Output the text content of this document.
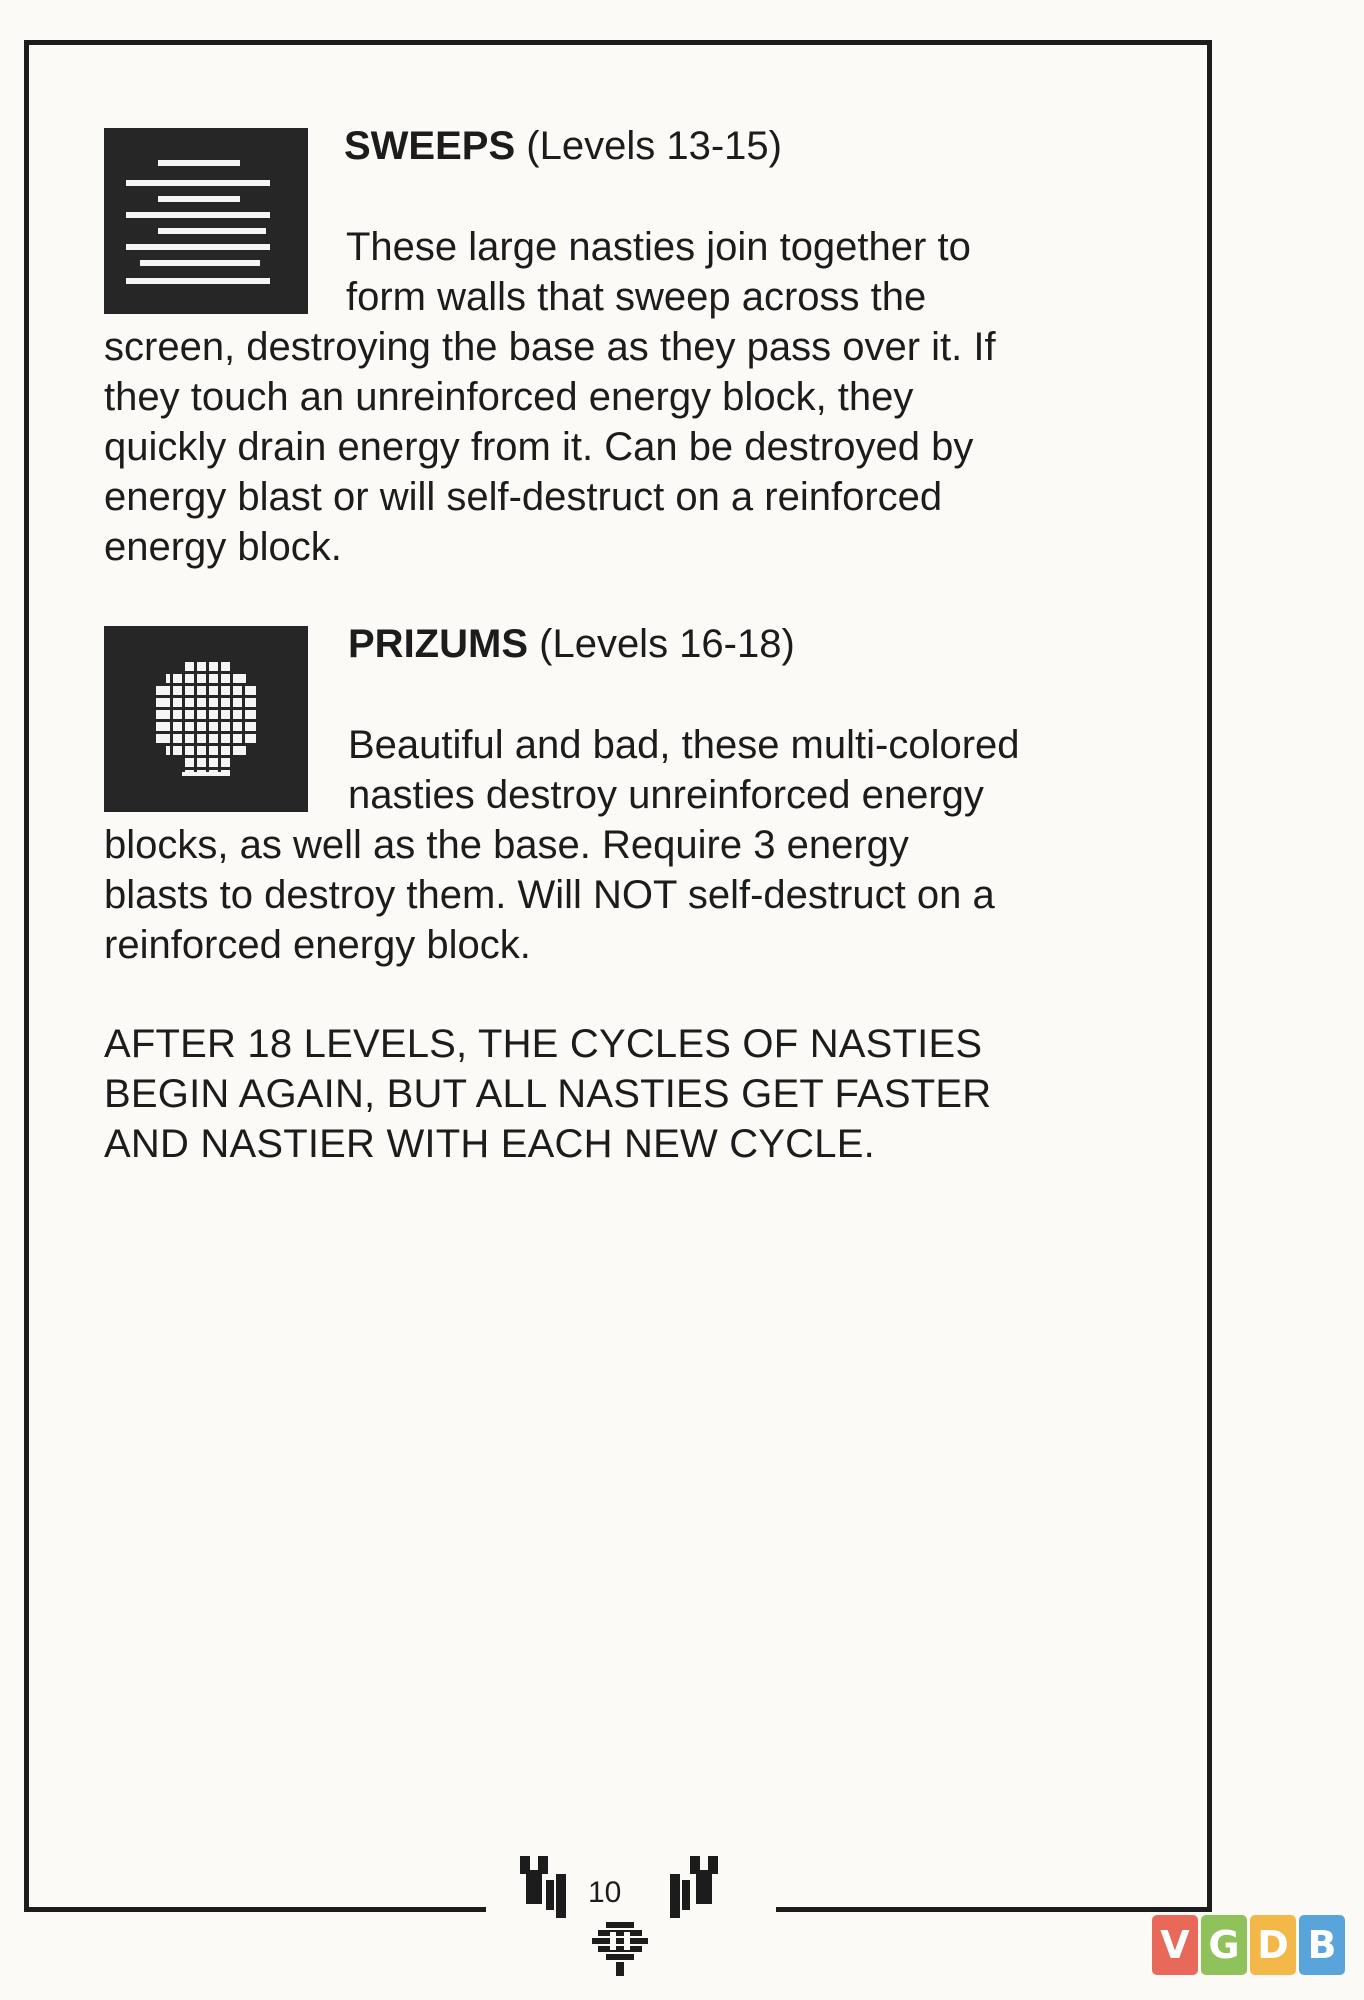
SWEEPS (Levels 13-15)
These large nasties join together to
form walls that sweep across the
screen, destroying the base as they pass over it. If
they touch an unreinforced energy block, they
quickly drain energy from it. Can be destroyed by
energy blast or will self-destruct on a reinforced
energy block.
PRIZUMS (Levels 16-18)
Beautiful and bad, these multi-colored
nasties destroy unreinforced energy
blocks, as well as the base. Require 3 energy
blasts to destroy them. Will NOT self-destruct on a
reinforced energy block.
AFTER 18 LEVELS, THE CYCLES OF NASTIES
BEGIN AGAIN, BUT ALL NASTIES GET FASTER
AND NASTIER WITH EACH NEW CYCLE.
10
V G D B
